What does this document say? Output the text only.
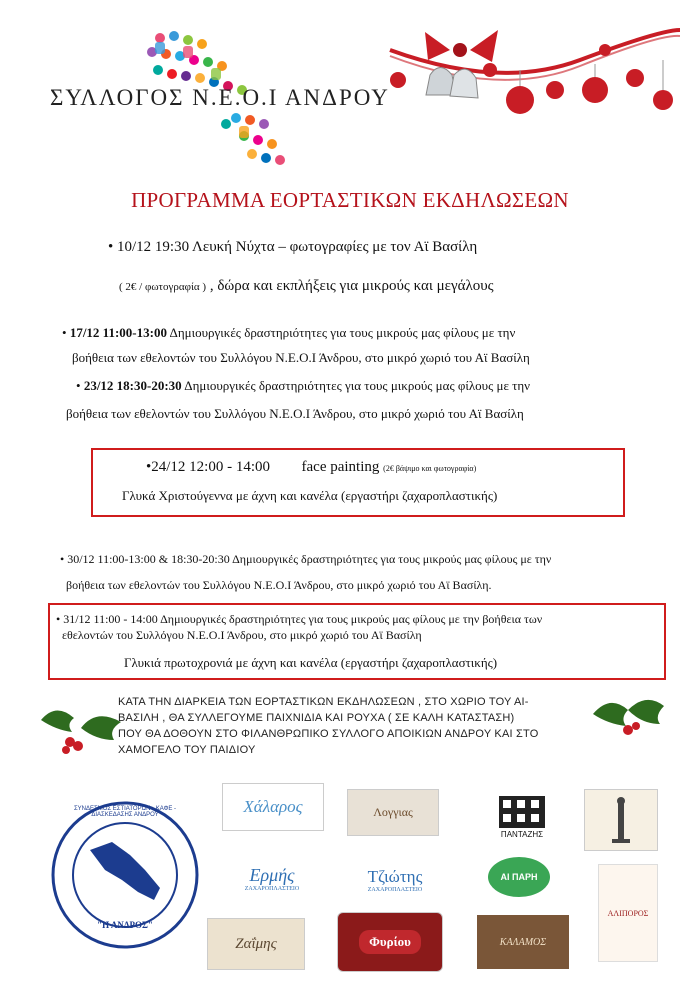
ΣΥΛΛΟΓΟΣ Ν.Ε.Ο.Ι ΑΝΔΡΟΥ
ΠΡΟΓΡΑΜΜΑ ΕΟΡΤΑΣΤΙΚΩΝ ΕΚΔΗΛΩΣΕΩΝ
• 10/12 19:30 Λευκή Νύχτα – φωτογραφίες με τον Αϊ Βασίλη
( 2€ / φωτογραφία ) , δώρα και εκπλήξεις για μικρούς και μεγάλους
• 17/12 11:00-13:00 Δημιουργικές δραστηριότητες για τους μικρούς μας φίλους με την
βοήθεια των εθελοντών του Συλλόγου Ν.Ε.Ο.Ι Άνδρου, στο μικρό χωριό του Αϊ Βασίλη
• 23/12 18:30-20:30 Δημιουργικές δραστηριότητες για τους μικρούς μας φίλους με την
βοήθεια των εθελοντών του Συλλόγου Ν.Ε.Ο.Ι Άνδρου, στο μικρό χωριό του Αϊ Βασίλη
•24/12 12:00 - 14:00 face painting (2€ βάψιμο και φωτογραφία)
Γλυκά Χριστούγεννα με άχνη και κανέλα (εργαστήρι ζαχαροπλαστικής)
• 30/12 11:00-13:00 & 18:30-20:30 Δημιουργικές δραστηριότητες για τους μικρούς μας φίλους με την
βοήθεια των εθελοντών του Συλλόγου Ν.Ε.Ο.Ι Άνδρου, στο μικρό χωριό του Αϊ Βασίλη.
• 31/12 11:00 - 14:00 Δημιουργικές δραστηριότητες για τους μικρούς μας φίλους με την βοήθεια των
εθελοντών του Συλλόγου Ν.Ε.Ο.Ι Άνδρου, στο μικρό χωριό του Αϊ Βασίλη
Γλυκιά πρωτοχρονιά με άχνη και κανέλα (εργαστήρι ζαχαροπλαστικής)
ΚΑΤΑ ΤΗΝ ΔΙΑΡΚΕΙΑ ΤΩΝ ΕΟΡΤΑΣΤΙΚΩΝ ΕΚΔΗΛΩΣΕΩΝ , ΣΤΟ ΧΩΡΙΟ ΤΟΥ ΑΙ-
ΒΑΣΙΛΗ , ΘΑ ΣΥΛΛΕΓΟΥΜΕ ΠΑΙΧΝΙΔΙΑ ΚΑΙ ΡΟΥΧΑ ( ΣΕ ΚΑΛΗ ΚΑΤΑΣΤΑΣΗ)
ΠΟΥ ΘΑ ΔΟΘΟΥΝ ΣΤΟ ΦΙΛΑΝΘΡΩΠΙΚΟ ΣΥΛΛΟΓΟ ΑΠΟΙΚΙΩΝ ΑΝΔΡΟΥ ΚΑΙ ΣΤΟ
ΧΑΜΟΓΕΛΟ ΤΟΥ ΠΑΙΔΙΟΥ
ΣΥΝΔΕΣΜΟΣ ΕΣΤΙΑΤΟΡΩΝ - ΚΑΦΕ - ΔΙΑΣΚΕΔΑΣΗΣ ΑΝΔΡΟΥ
"Η ΑΝΔΡΟΣ"
Χάλαρος	Λογγιας
ΠΑΝΤΑΖΗΣ
Ερμής
ΖΑΧΑΡΟΠΛΑΣΤΕΙΟ
Τζιώτης
ΖΑΧΑΡΟΠΛΑΣΤΕΙΟ
ΑΙ ΠΑΡΗ
ΑΛΙΠΟΡΟΣ
Ζαΐμης	Φυρίου	ΚΑΛΑΜΟΣ
